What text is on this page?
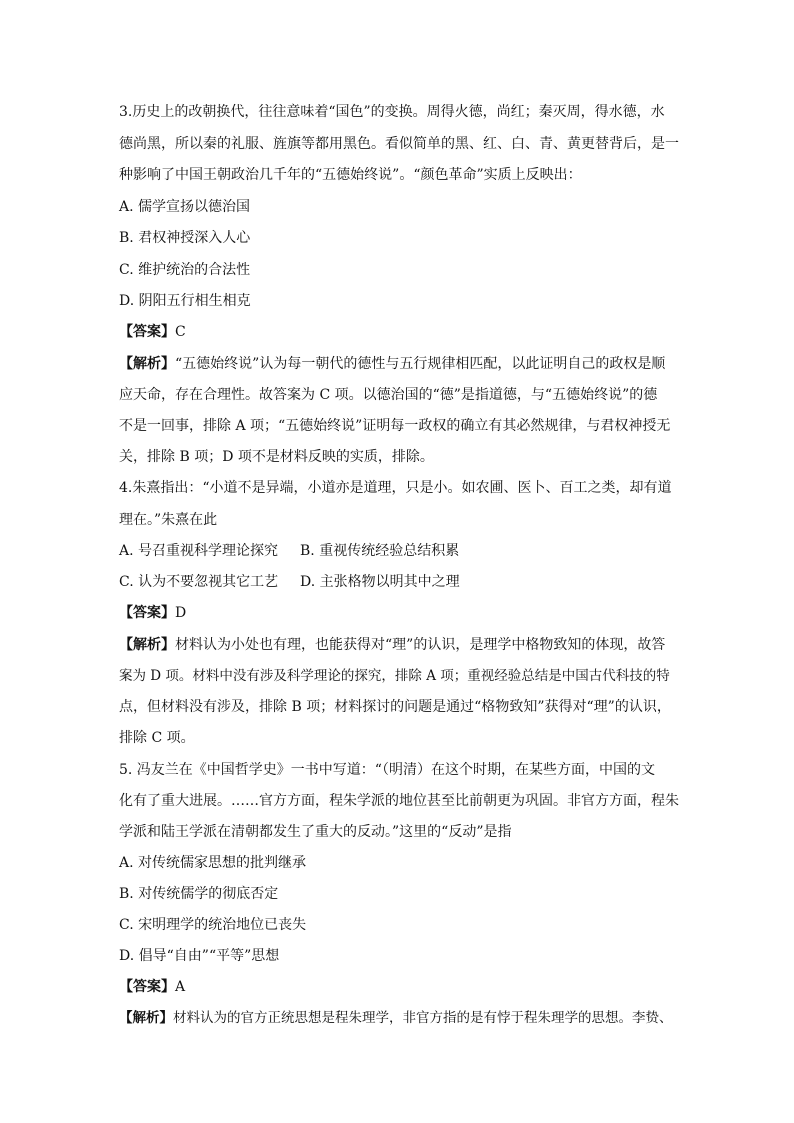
3.历史上的改朝换代，往往意味着“国色”的变换。周得火德，尚红；秦灭周，得水德，水
德尚黑，所以秦的礼服、旌旗等都用黑色。看似简单的黑、红、白、青、黄更替背后，是一
种影响了中国王朝政治几千年的“五德始终说”。“颜色革命”实质上反映出：
A. 儒学宣扬以德治国
B. 君权神授深入人心
C. 维护统治的合法性
D. 阴阳五行相生相克
【答案】C
【解析】“五德始终说”认为每一朝代的德性与五行规律相匹配，以此证明自己的政权是顺
应天命，存在合理性。故答案为 C 项。以德治国的“德”是指道德，与“五德始终说”的德
不是一回事，排除 A 项；“五德始终说”证明每一政权的确立有其必然规律，与君权神授无
关，排除 B 项；D 项不是材料反映的实质，排除。
4.朱熹指出：“小道不是异端，小道亦是道理，只是小。如农圃、医卜、百工之类，却有道
理在。”朱熹在此
A. 号召重视科学理论探究 B. 重视传统经验总结积累
C. 认为不要忽视其它工艺 D. 主张格物以明其中之理
【答案】D
【解析】材料认为小处也有理，也能获得对“理”的认识，是理学中格物致知的体现，故答
案为 D 项。材料中没有涉及科学理论的探究，排除 A 项；重视经验总结是中国古代科技的特
点，但材料没有涉及，排除 B 项；材料探讨的问题是通过“格物致知”获得对“理”的认识，
排除 C 项。
5. 冯友兰在《中国哲学史》一书中写道：“（明清）在这个时期，在某些方面，中国的文
化有了重大进展。……官方方面，程朱学派的地位甚至比前朝更为巩固。非官方方面，程朱
学派和陆王学派在清朝都发生了重大的反动。”这里的“反动”是指
A. 对传统儒家思想的批判继承
B. 对传统儒学的彻底否定
C. 宋明理学的统治地位已丧失
D. 倡导“自由”“平等”思想
【答案】A
【解析】材料认为的官方正统思想是程朱理学，非官方指的是有悖于程朱理学的思想。李贽、
